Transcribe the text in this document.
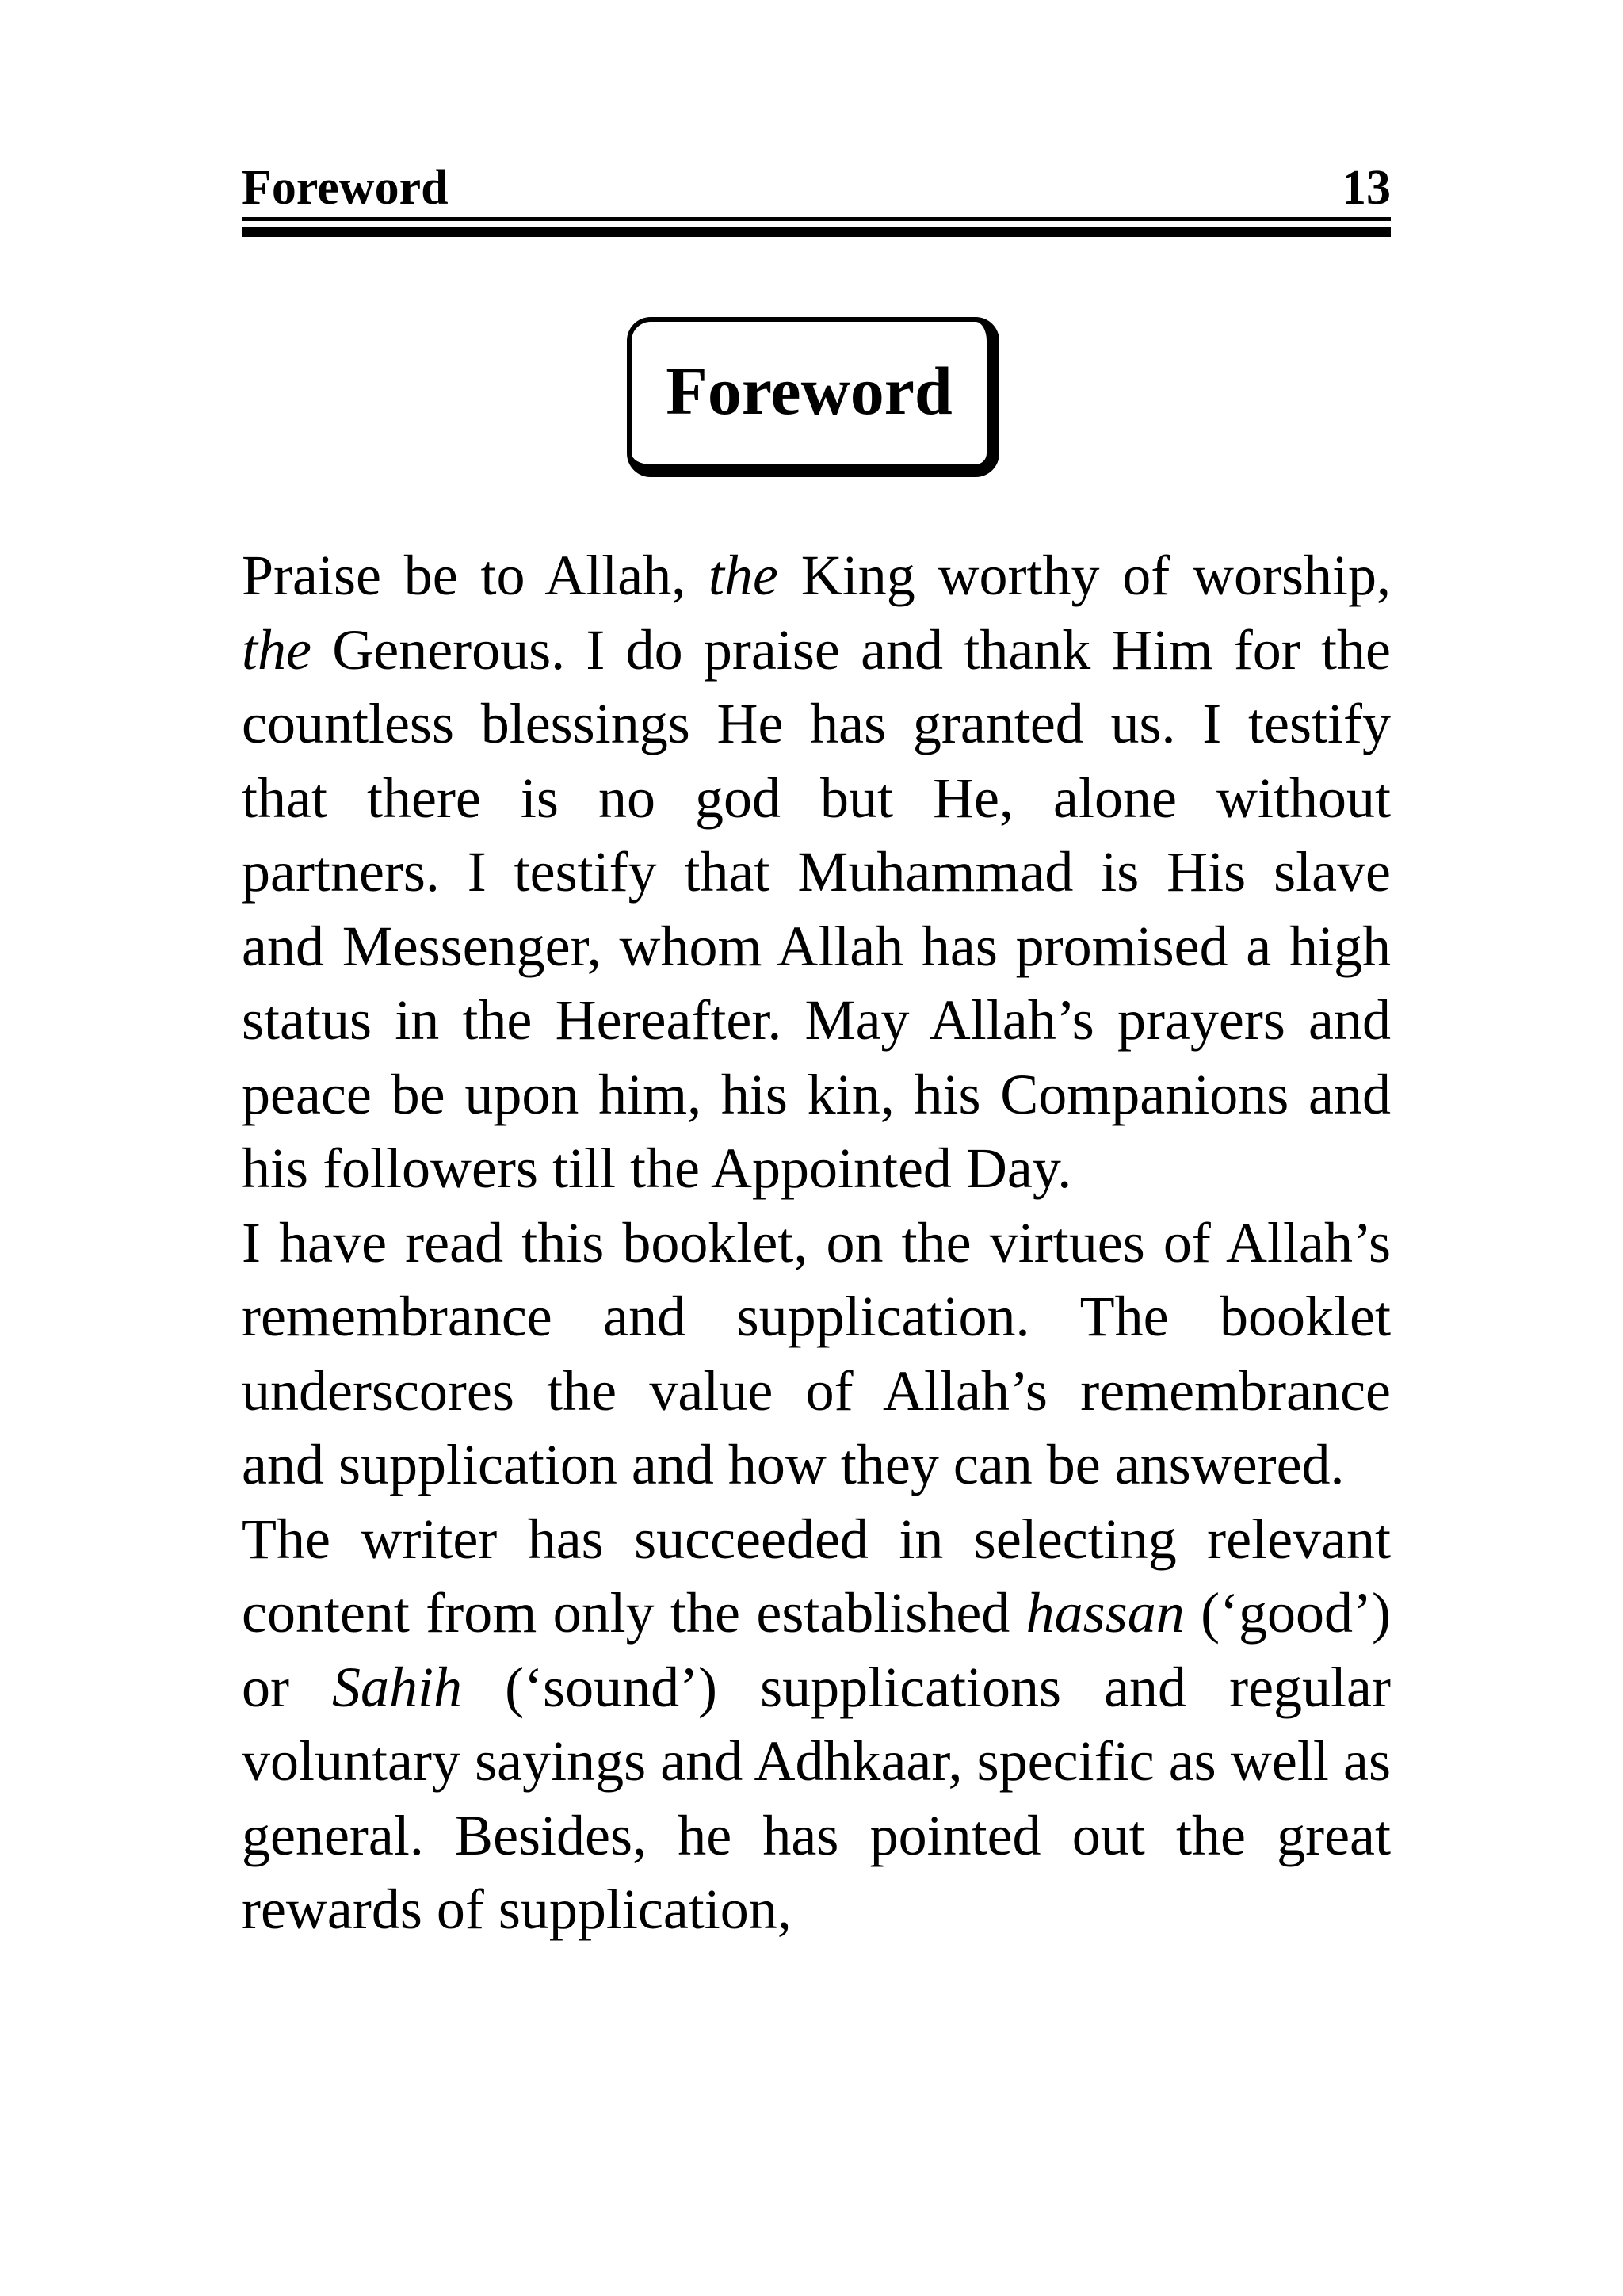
Foreword	13
Foreword

Praise be to Allah, the King worthy of worship, the Generous. I do praise and thank Him for the countless blessings He has granted us. I testify that there is no god but He, alone without partners. I testify that Muhammad is His slave and Messenger, whom Allah has promised a high status in the Hereafter. May Allah’s prayers and peace be upon him, his kin, his Companions and his followers till the Appointed Day.

I have read this booklet, on the virtues of Allah’s remembrance and supplication. The booklet underscores the value of Allah’s remembrance and supplication and how they can be answered.

The writer has succeeded in selecting relevant content from only the established hassan (‘good’) or Sahih (‘sound’) supplications and regular voluntary sayings and Adhkaar, specific as well as general. Besides, he has pointed out the great rewards of supplication,
